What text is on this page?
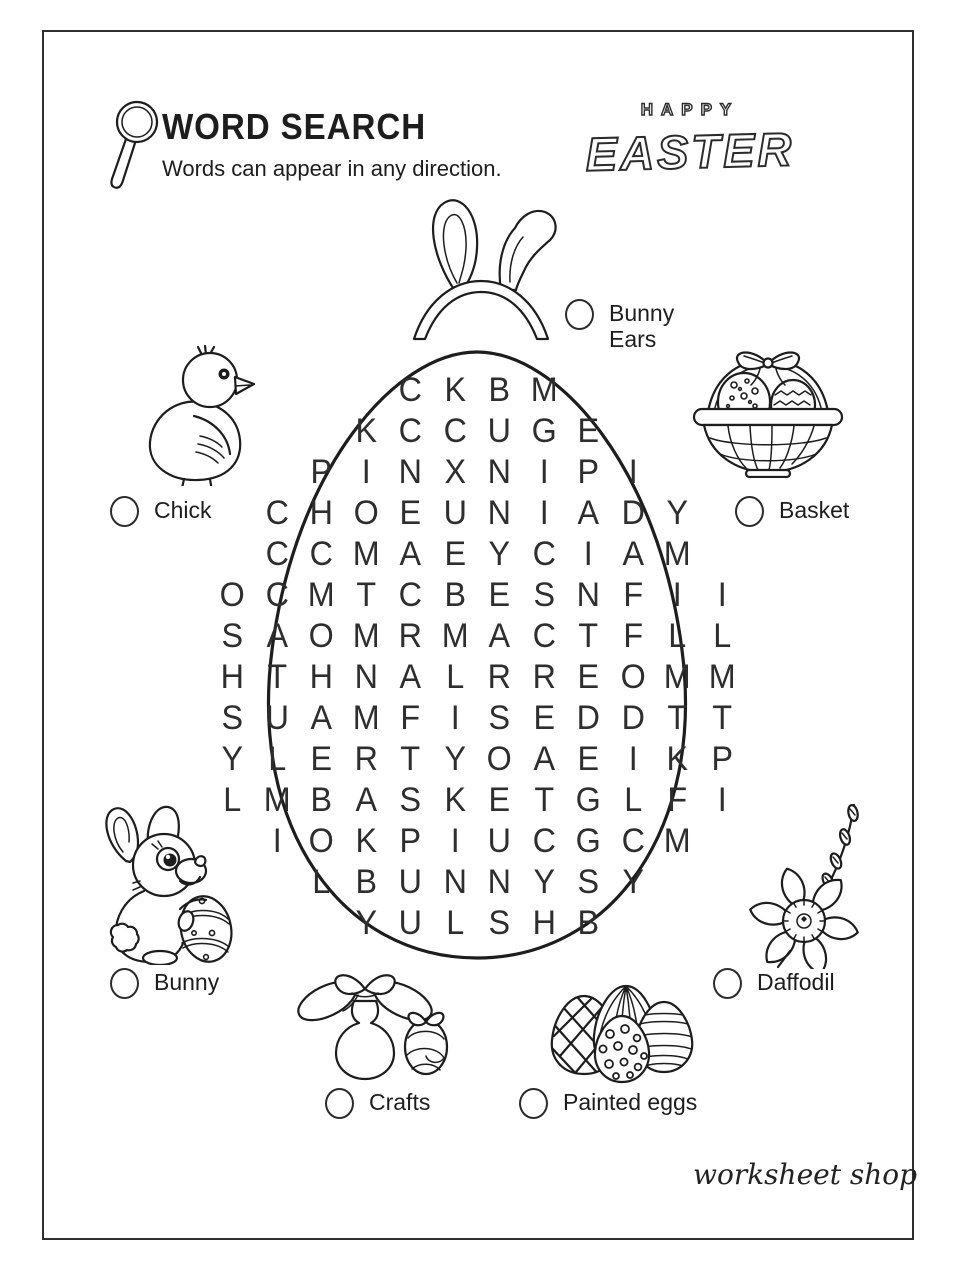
WORD SEARCH
Words can appear in any direction.
HAPPY
EASTER
C K B M
K C C U G E
P I N X N I P I
C H O E U N I A D Y
C C M A E Y C I A M
O C M T C B E S N F I	I
S A O M R M A C T F L L
H T H N A L R R E O M M
S U A M F I S E D D T T
Y L E R T Y O A E I K P
L M B A S K E T G L F I
I O K P I U C G C M
L B U N N Y S Y
Y U L S H B
Bunny Ears
Chick	Basket
Bunny	Daffodil
Crafts	Painted eggs
worksheet shop
